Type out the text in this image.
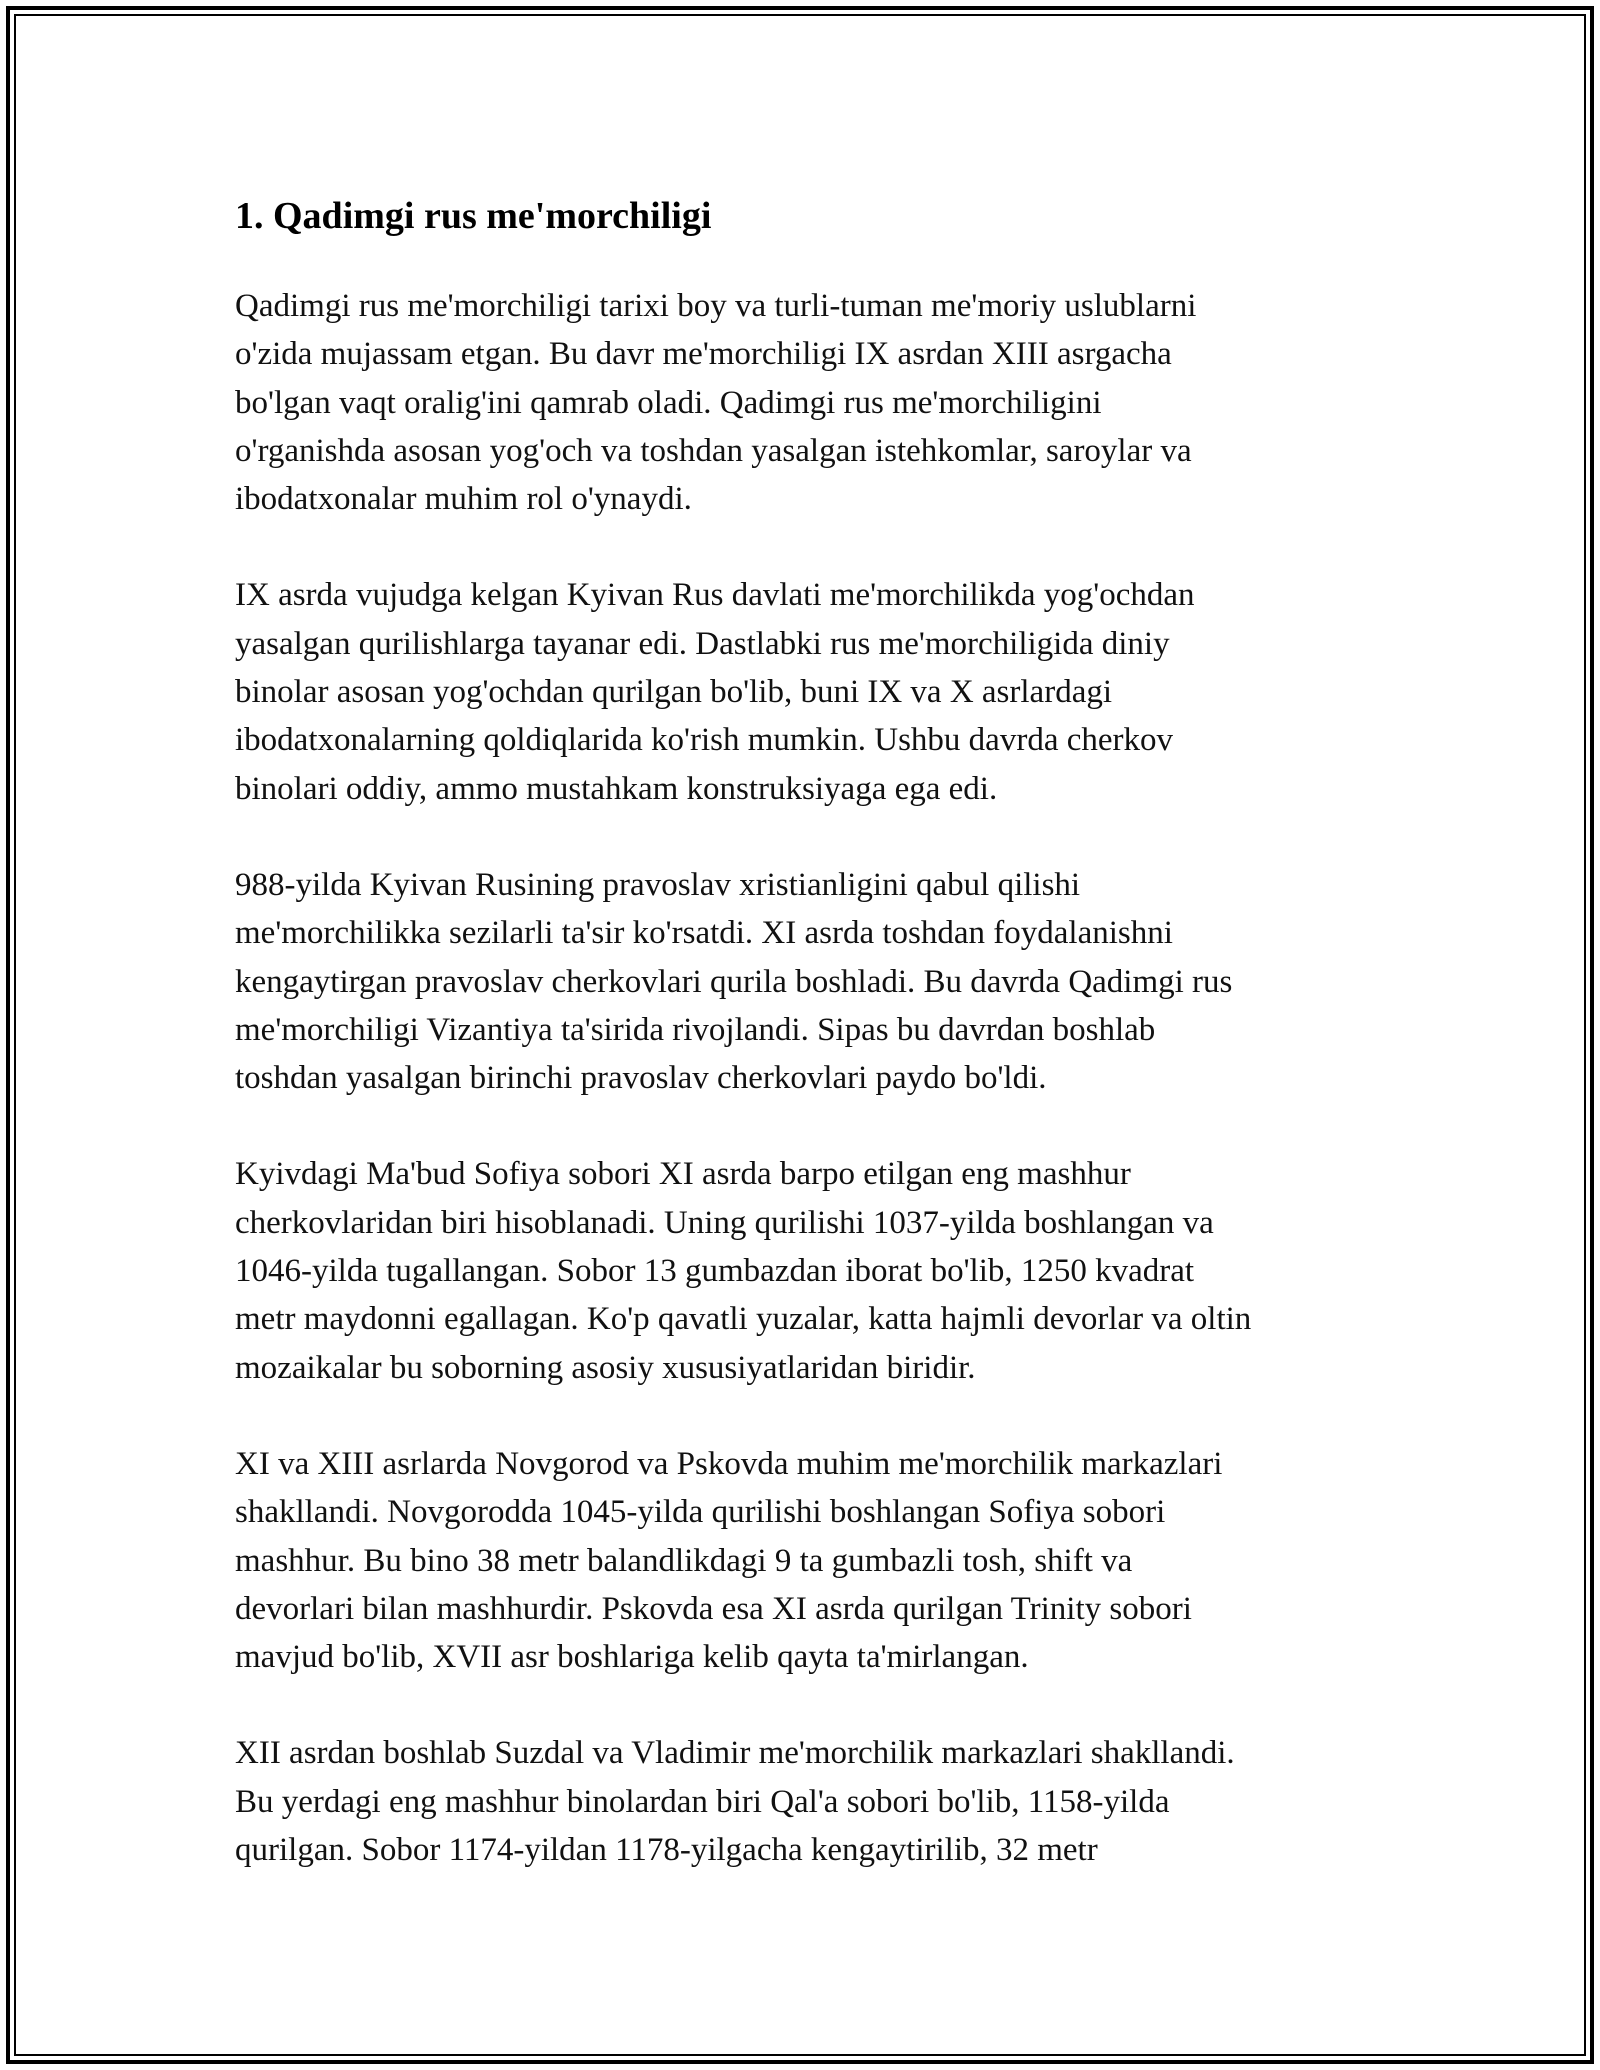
1. Qadimgi rus me'morchiligi

Qadimgi rus me'morchiligi tarixi boy va turli-tuman me'moriy uslublarni
o'zida mujassam etgan. Bu davr me'morchiligi IX asrdan XIII asrgacha
bo'lgan vaqt oralig'ini qamrab oladi. Qadimgi rus me'morchiligini
o'rganishda asosan yog'och va toshdan yasalgan istehkomlar, saroylar va
ibodatxonalar muhim rol o'ynaydi.

IX asrda vujudga kelgan Kyivan Rus davlati me'morchilikda yog'ochdan
yasalgan qurilishlarga tayanar edi. Dastlabki rus me'morchiligida diniy
binolar asosan yog'ochdan qurilgan bo'lib, buni IX va X asrlardagi
ibodatxonalarning qoldiqlarida ko'rish mumkin. Ushbu davrda cherkov
binolari oddiy, ammo mustahkam konstruksiyaga ega edi.

988-yilda Kyivan Rusining pravoslav xristianligini qabul qilishi
me'morchilikka sezilarli ta'sir ko'rsatdi. XI asrda toshdan foydalanishni
kengaytirgan pravoslav cherkovlari qurila boshladi. Bu davrda Qadimgi rus
me'morchiligi Vizantiya ta'sirida rivojlandi. Sipas bu davrdan boshlab
toshdan yasalgan birinchi pravoslav cherkovlari paydo bo'ldi.

Kyivdagi Ma'bud Sofiya sobori XI asrda barpo etilgan eng mashhur
cherkovlaridan biri hisoblanadi. Uning qurilishi 1037-yilda boshlangan va
1046-yilda tugallangan. Sobor 13 gumbazdan iborat bo'lib, 1250 kvadrat
metr maydonni egallagan. Ko'p qavatli yuzalar, katta hajmli devorlar va oltin
mozaikalar bu soborning asosiy xususiyatlaridan biridir.

XI va XIII asrlarda Novgorod va Pskovda muhim me'morchilik markazlari
shakllandi. Novgorodda 1045-yilda qurilishi boshlangan Sofiya sobori
mashhur. Bu bino 38 metr balandlikdagi 9 ta gumbazli tosh, shift va
devorlari bilan mashhurdir. Pskovda esa XI asrda qurilgan Trinity sobori
mavjud bo'lib, XVII asr boshlariga kelib qayta ta'mirlangan.

XII asrdan boshlab Suzdal va Vladimir me'morchilik markazlari shakllandi.
Bu yerdagi eng mashhur binolardan biri Qal'a sobori bo'lib, 1158-yilda
qurilgan. Sobor 1174-yildan 1178-yilgacha kengaytirilib, 32 metr
